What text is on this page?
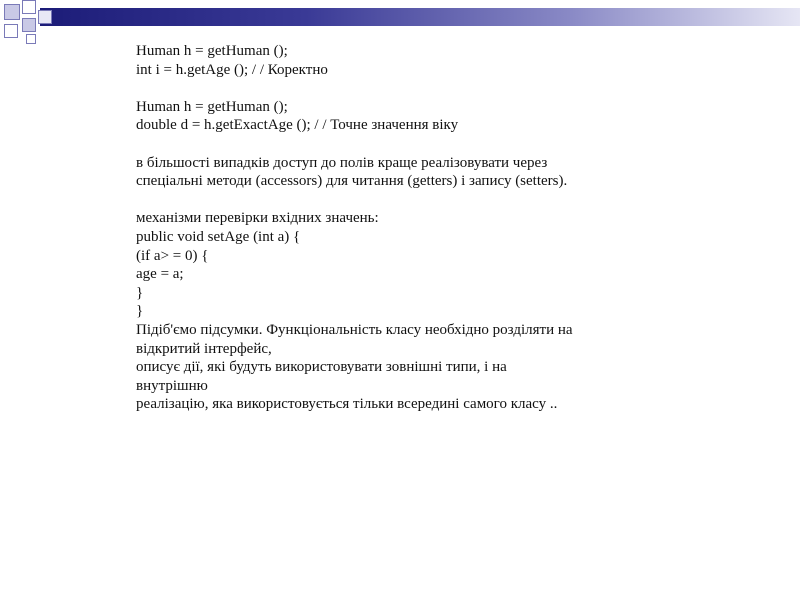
Human h = getHuman ();
int i = h.getAge (); / / Коректно
Human h = getHuman ();
double d = h.getExactAge (); / / Точне значення віку
в більшості випадків доступ до полів краще реалізовувати через
спеціальні методи (accessors) для читання (getters) і запису (setters).
механізми перевірки вхідних значень:
public void setAge (int a) {
(if a> = 0) {
age = a;
}
}
Підіб'ємо підсумки. Функціональність класу необхідно розділяти на
відкритий інтерфейс,
описує дії, які будуть використовувати зовнішні типи, і на
внутрішню
реалізацію, яка використовується тільки всередині самого класу ..
